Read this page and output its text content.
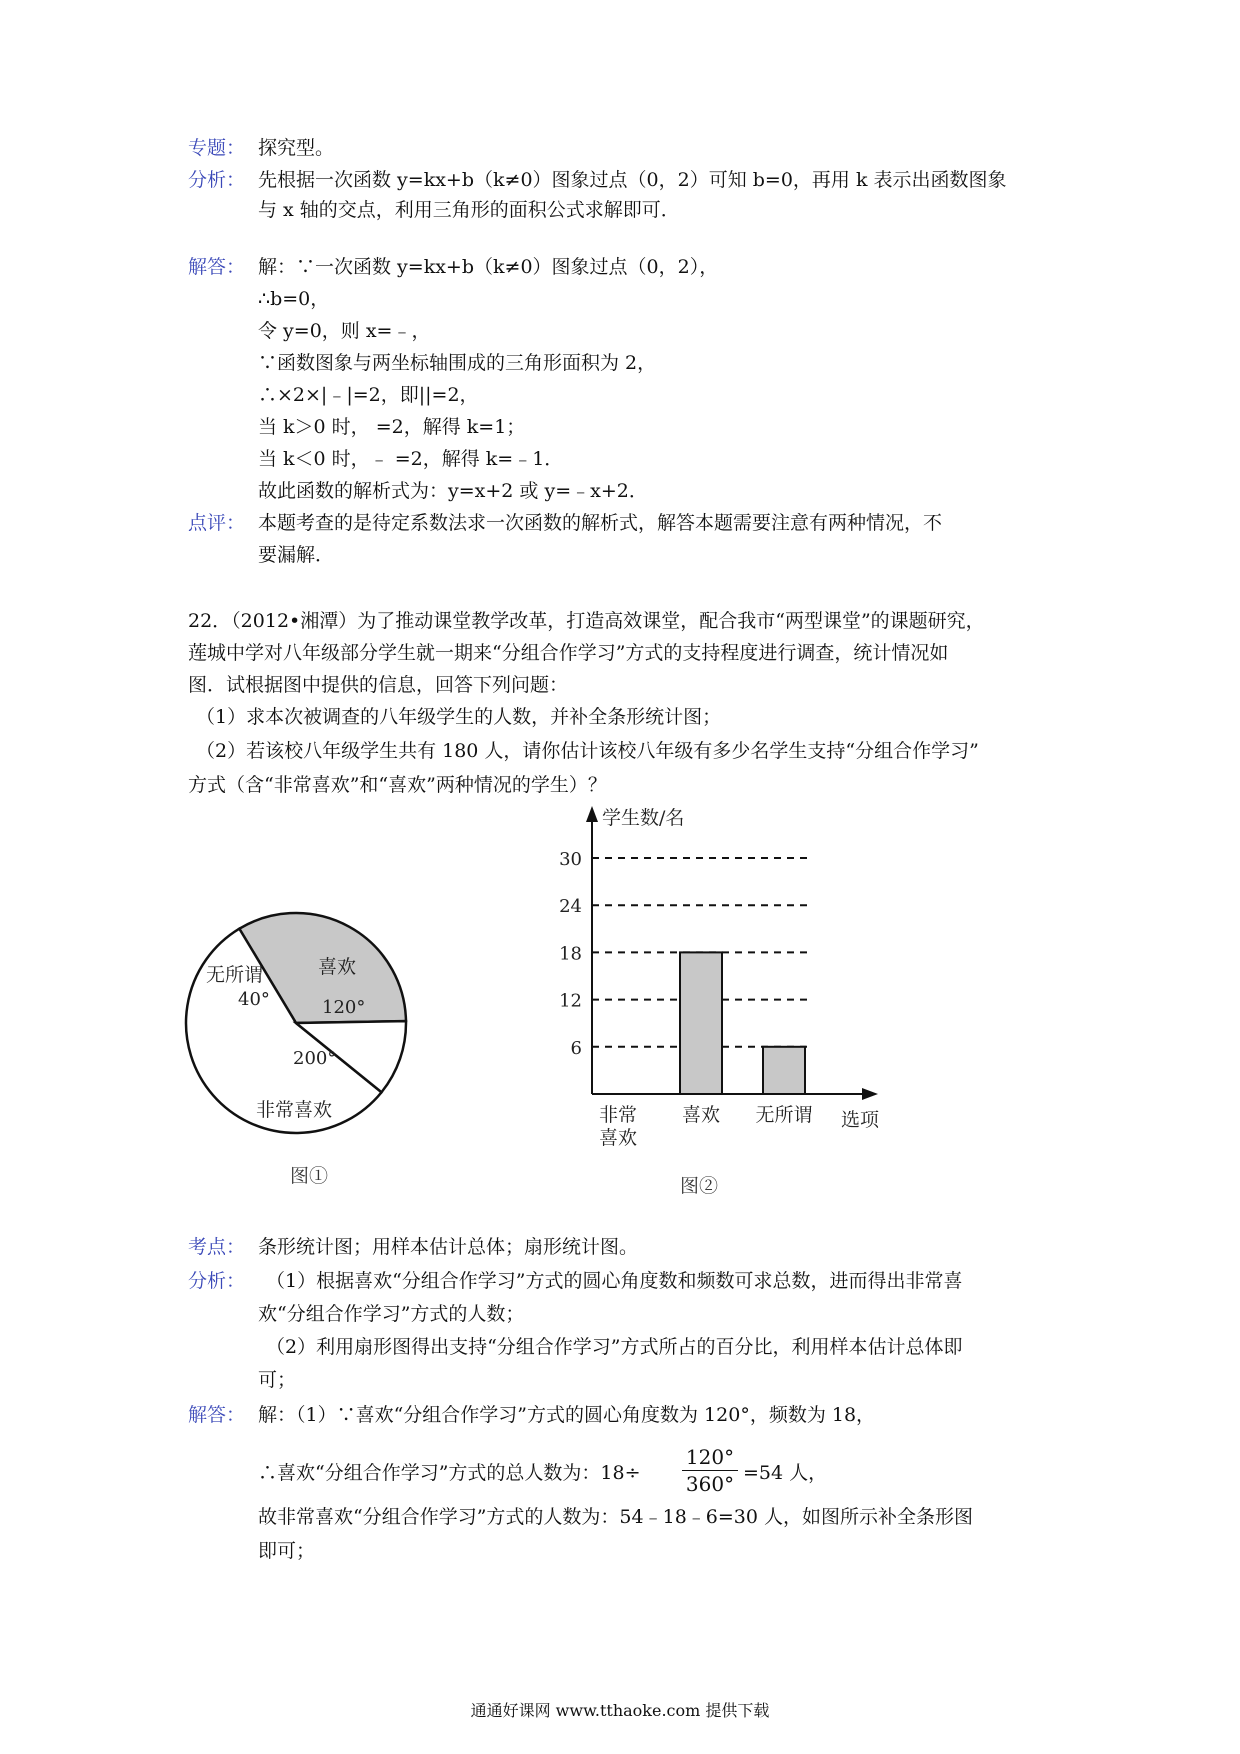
专题： 探究型。
分析： 先根据一次函数 y=kx+b（k≠0）图象过点（0，2）可知 b=0，再用 k 表示出函数图象
与 x 轴的交点，利用三角形的面积公式求解即可．
解答： 解：∵一次函数 y=kx+b（k≠0）图象过点（0，2），
∴b=0，
令 y=0，则 x=﹣，
∵函数图象与两坐标轴围成的三角形面积为 2，
∴×2×|﹣|=2，即||=2，
当 k＞0 时， =2，解得 k=1；
当 k＜0 时，﹣ =2，解得 k=﹣1．
故此函数的解析式为：y=x+2 或 y=﹣x+2．
点评： 本题考查的是待定系数法求一次函数的解析式，解答本题需要注意有两种情况，不
要漏解．
22．（2012•湘潭）为了推动课堂教学改革，打造高效课堂，配合我市“两型课堂”的课题研究，
莲城中学对八年级部分学生就一期来“分组合作学习”方式的支持程度进行调查，统计情况如
图．试根据图中提供的信息，回答下列问题：
（1）求本次被调查的八年级学生的人数，并补全条形统计图；
（2）若该校八年级学生共有 180 人，请你估计该校八年级有多少名学生支持“分组合作学习”
方式（含“非常喜欢”和“喜欢”两种情况的学生）？
喜欢
120°
非常喜欢
200°
无所谓
40°
图①
6
12
18
24
30
学生数/名
非常
喜欢
喜欢 无所谓 选项
图②
考点： 条形统计图；用样本估计总体；扇形统计图。
分析： （1）根据喜欢“分组合作学习”方式的圆心角度数和频数可求总数，进而得出非常喜
欢“分组合作学习”方式的人数；
（2）利用扇形图得出支持“分组合作学习”方式所占的百分比，利用样本估计总体即
可；
解答： 解：（1）∵喜欢“分组合作学习”方式的圆心角度数为 120°，频数为 18，
∴喜欢“分组合作学习”方式的总人数为：18÷
120°
360° =54 人，
故非常喜欢“分组合作学习”方式的人数为：54﹣18﹣6=30 人，如图所示补全条形图
即可；
通通好课网 www.tthaoke.com 提供下载
